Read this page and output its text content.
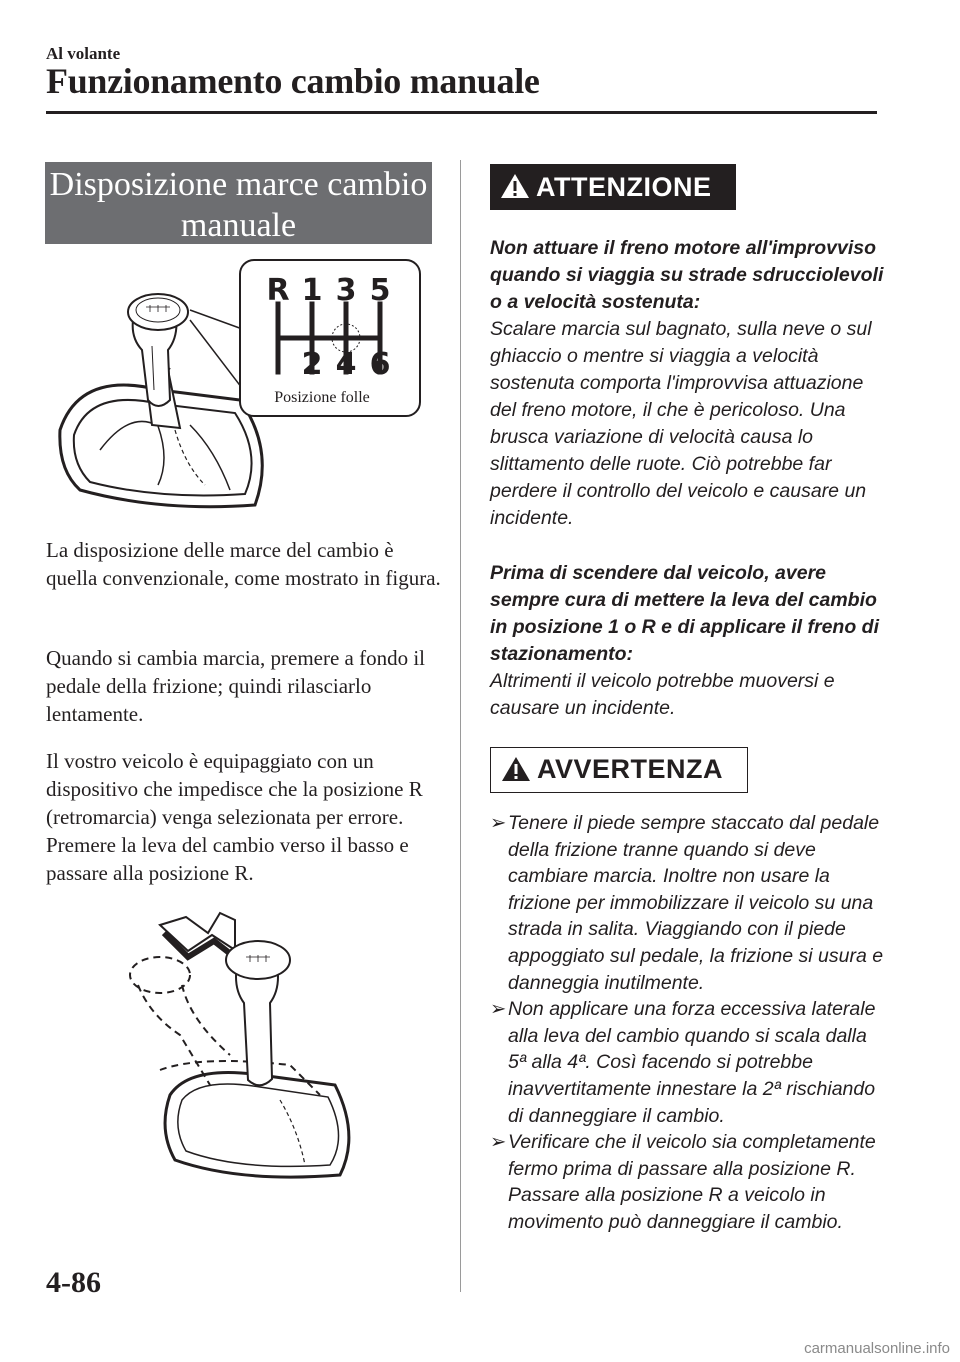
Al volante
Funzionamento cambio manuale
Disposizione marce cambio
manuale
R 1 3 5
2 4 6
Posizione folle

La disposizione delle marce del cambio è quella convenzionale, come mostrato in figura.

Quando si cambia marcia, premere a fondo il pedale della frizione; quindi rilasciarlo lentamente.

Il vostro veicolo è equipaggiato con un dispositivo che impedisce che la posizione R (retromarcia) venga selezionata per errore. Premere la leva del cambio verso il basso e passare alla posizione R.

ATTENZIONE

Non attuare il freno motore all'improvviso quando si viaggia su strade sdrucciolevoli o a velocità sostenuta:
Scalare marcia sul bagnato, sulla neve o sul ghiaccio o mentre si viaggia a velocità sostenuta comporta l'improvvisa attuazione del freno motore, il che è pericoloso. Una brusca variazione di velocità causa lo slittamento delle ruote. Ciò potrebbe far perdere il controllo del veicolo e causare un incidente.

Prima di scendere dal veicolo, avere sempre cura di mettere la leva del cambio in posizione 1 o R e di applicare il freno di stazionamento:
Altrimenti il veicolo potrebbe muoversi e causare un incidente.

AVVERTENZA
➢ Tenere il piede sempre staccato dal pedale della frizione tranne quando si deve cambiare marcia. Inoltre non usare la frizione per immobilizzare il veicolo su una strada in salita. Viaggiando con il piede appoggiato sul pedale, la frizione si usura e danneggia inutilmente.
➢ Non applicare una forza eccessiva laterale alla leva del cambio quando si scala dalla 5ª alla 4ª. Così facendo si potrebbe inavvertitamente innestare la 2ª rischiando di danneggiare il cambio.
➢ Verificare che il veicolo sia completamente fermo prima di passare alla posizione R. Passare alla posizione R a veicolo in movimento può danneggiare il cambio.
4-86
carmanualsonline.info
